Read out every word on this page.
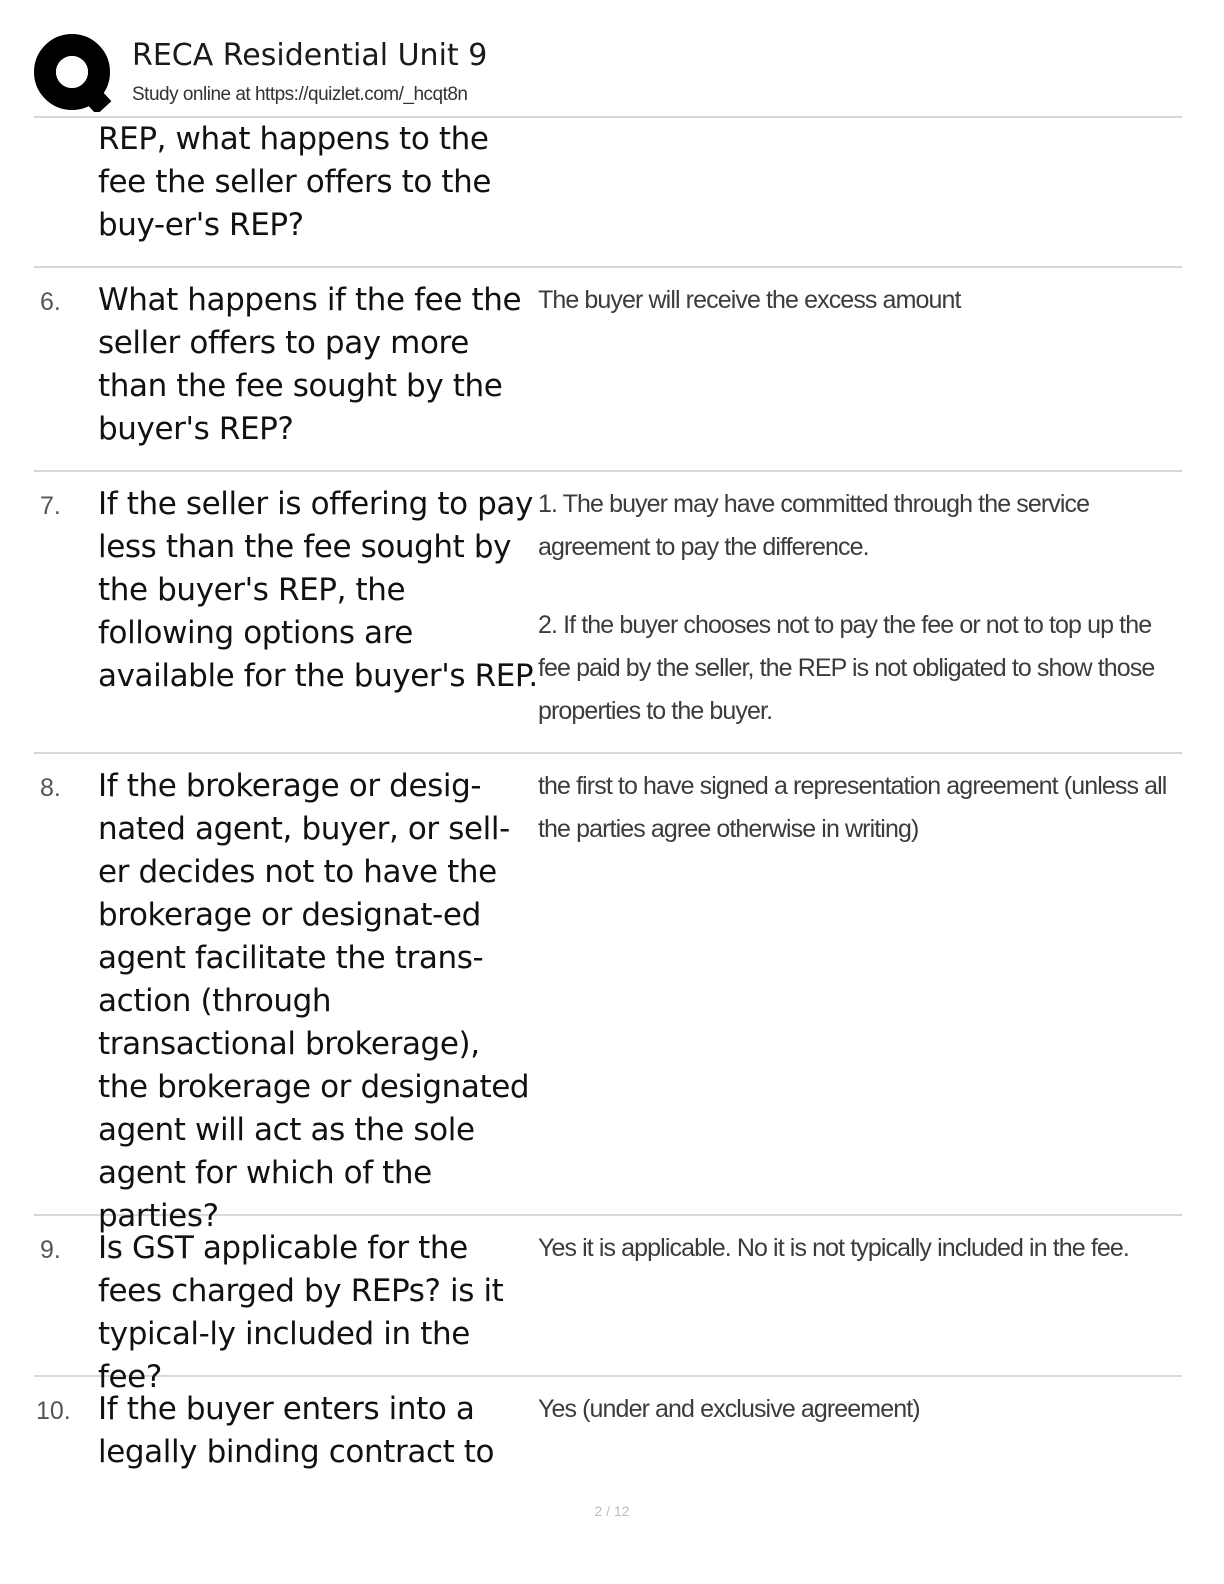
RECA Residential Unit 9
Study online at https://quizlet.com/_hcqt8n
REP, what happens to the fee the seller offers to the buy-er's REP?
6. What happens if the fee the seller offers to pay more than the fee sought by the buyer's REP?

The buyer will receive the excess amount

7. If the seller is offering to pay less than the fee sought by the buyer's REP, the following options are available for the buyer's REP.

1. The buyer may have committed through the service agreement to pay the difference.

2. If the buyer chooses not to pay the fee or not to top up the fee paid by the seller, the REP is not obligated to show those properties to the buyer.

8. If the brokerage or desig-nated agent, buyer, or sell-er decides not to have the brokerage or designat-ed agent facilitate the trans-action (through transactional brokerage), the brokerage or designated agent will act as the sole agent for which of the parties?

the first to have signed a representation agreement (unless all the parties agree otherwise in writing)

9. Is GST applicable for the fees charged by REPs? is it typical-ly included in the fee?

Yes it is applicable. No it is not typically included in the fee.

10. If the buyer enters into a legally binding contract to

Yes (under and exclusive agreement)

2 / 12
